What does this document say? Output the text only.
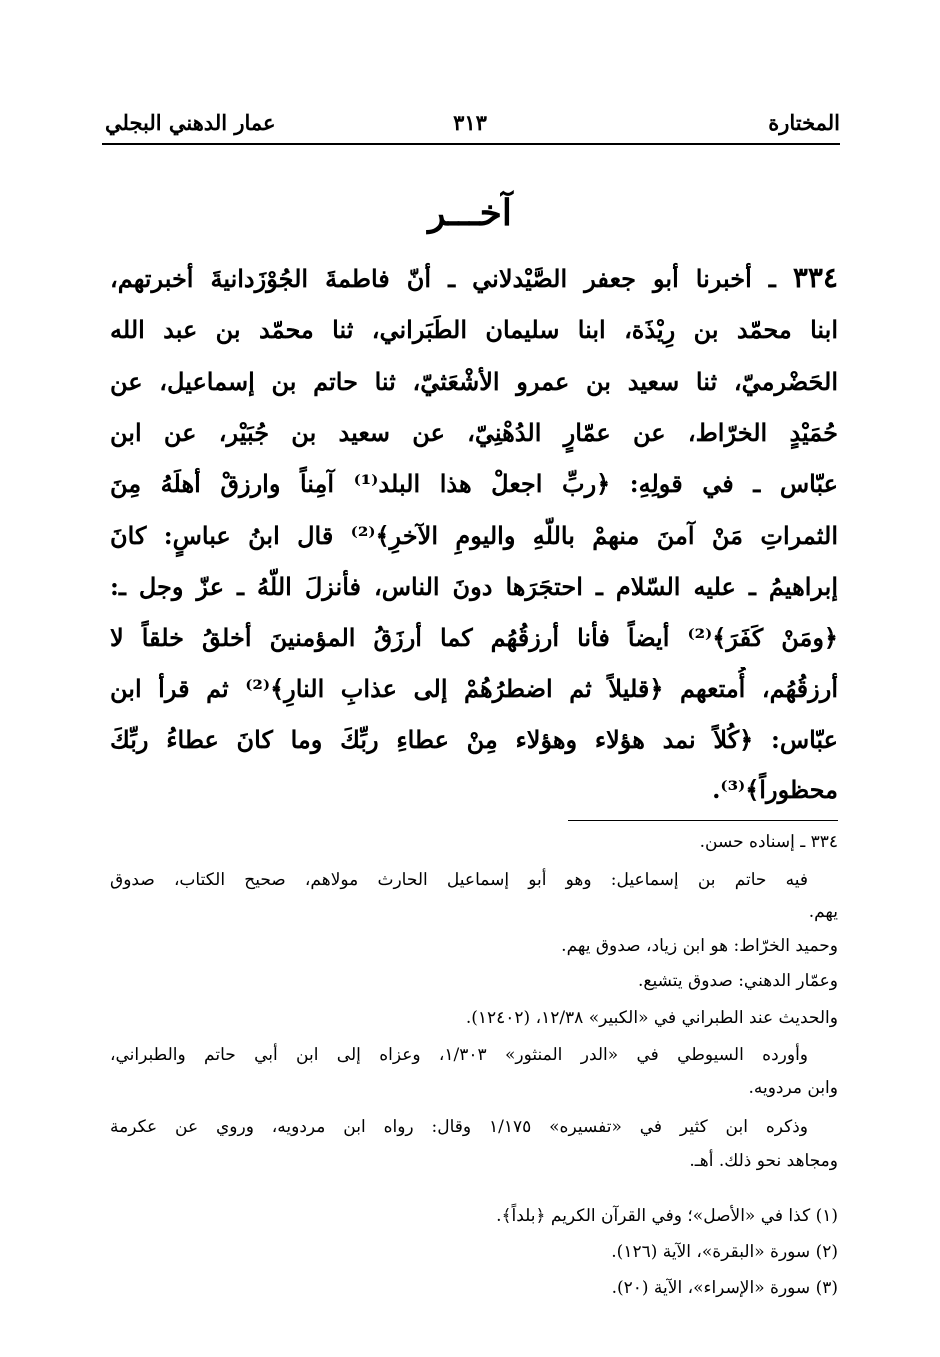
المختارة
٣١٣
عمار الدهني البجلي
آخـــر
٣٣٤ ـ أخبرنا أبو جعفر الصَّيْدلاني ـ أنّ فاطمةَ الجُوْزَدانيةَ أخبرتهم،
ابنا محمّد بن رِيْذَة، ابنا سليمان الطَبَراني، ثنا محمّد بن عبد الله
الحَضْرميّ، ثنا سعيد بن عمرو الأشْعَثيّ، ثنا حاتم بن إسماعيل، عن
حُمَيْدٍ الخرّاط، عن عمّارٍ الدُهْنِيّ، عن سعيد بن جُبَيْر، عن ابن
عبّاس ـ في قولِهِ: ﴿ربِّ اجعلْ هذا البلد⁽¹⁾ آمِناً وارزقْ أهلَهُ مِنَ
الثمراتِ مَنْ آمنَ منهمْ باللّهِ واليومِ الآخرِ﴾⁽²⁾ قال ابنُ عباسٍ: كانَ
إبراهيمُ ـ عليه السّلام ـ احتجَرَها دونَ الناس، فأنزلَ اللّهُ ـ عزّ وجل ـ:
﴿ومَنْ كَفَرَ﴾⁽²⁾ أيضاً فأنا أرزقُهُم كما أرزَقُ المؤمنينَ أخلقُ خلقاً لا
أرزقُهُم، أُمتعهم ﴿قليلاً ثم اضطرُهُمْ إلى عذابِ النارِ﴾⁽²⁾ ثم قرأ ابن
عبّاس: ﴿كُلاً نمد هؤلاء وهؤلاء مِنْ عطاءِ ربِّكَ وما كانَ عطاءُ ربِّكَ
محظوراً﴾⁽³⁾.
٣٣٤ ـ إسناده حسن.
فيه حاتم بن إسماعيل: وهو أبو إسماعيل الحارث مولاهم، صحيح الكتاب، صدوق
يهم.
وحميد الخرّاط: هو ابن زياد، صدوق يهم.
وعمّار الدهني: صدوق يتشيع.
والحديث عند الطبراني في «الكبير» ١٢/٣٨، (١٢٤٠٢).
وأورده السيوطي في «الدر المنثور» ١/٣٠٣، وعزاه إلى ابن أبي حاتم والطبراني،
وابن مردويه.
وذكره ابن كثير في «تفسيره» ١/١٧٥ وقال: رواه ابن مردويه، وروي عن عكرمة
ومجاهد نحو ذلك. أهـ.
(١) كذا في «الأصل»؛ وفي القرآن الكريم ﴿بلداً﴾.
(٢) سورة «البقرة»، الآية (١٢٦).
(٣) سورة «الإسراء»، الآية (٢٠).
